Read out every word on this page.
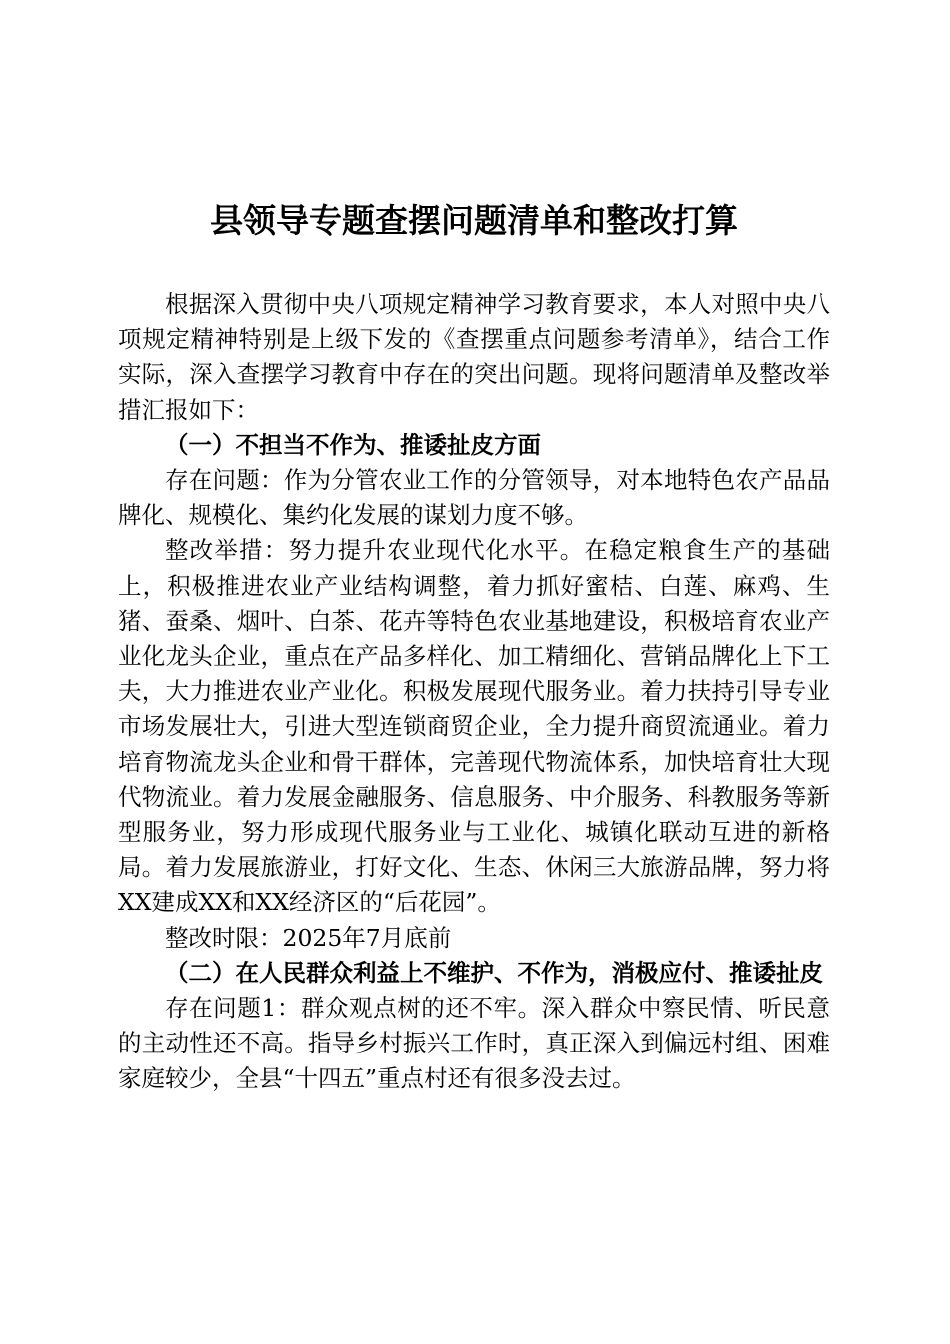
县领导专题查摆问题清单和整改打算

根据深入贯彻中央八项规定精神学习教育要求，本人对照中央八项规定精神特别是上级下发的《查摆重点问题参考清单》，结合工作实际，深入查摆学习教育中存在的突出问题。现将问题清单及整改举措汇报如下：

（一）不担当不作为、推诿扯皮方面

存在问题：作为分管农业工作的分管领导，对本地特色农产品品牌化、规模化、集约化发展的谋划力度不够。

整改举措：努力提升农业现代化水平。在稳定粮食生产的基础上，积极推进农业产业结构调整，着力抓好蜜桔、白莲、麻鸡、生猪、蚕桑、烟叶、白茶、花卉等特色农业基地建设，积极培育农业产业化龙头企业，重点在产品多样化、加工精细化、营销品牌化上下工夫，大力推进农业产业化。积极发展现代服务业。着力扶持引导专业市场发展壮大，引进大型连锁商贸企业，全力提升商贸流通业。着力培育物流龙头企业和骨干群体，完善现代物流体系，加快培育壮大现代物流业。着力发展金融服务、信息服务、中介服务、科教服务等新型服务业，努力形成现代服务业与工业化、城镇化联动互进的新格局。着力发展旅游业，打好文化、生态、休闲三大旅游品牌，努力将XX建成XX和XX经济区的“后花园”。

整改时限：2025年7月底前

（二）在人民群众利益上不维护、不作为，消极应付、推诿扯皮

存在问题1：群众观点树的还不牢。深入群众中察民情、听民意的主动性还不高。指导乡村振兴工作时，真正深入到偏远村组、困难家庭较少，全县“十四五”重点村还有很多没去过。
